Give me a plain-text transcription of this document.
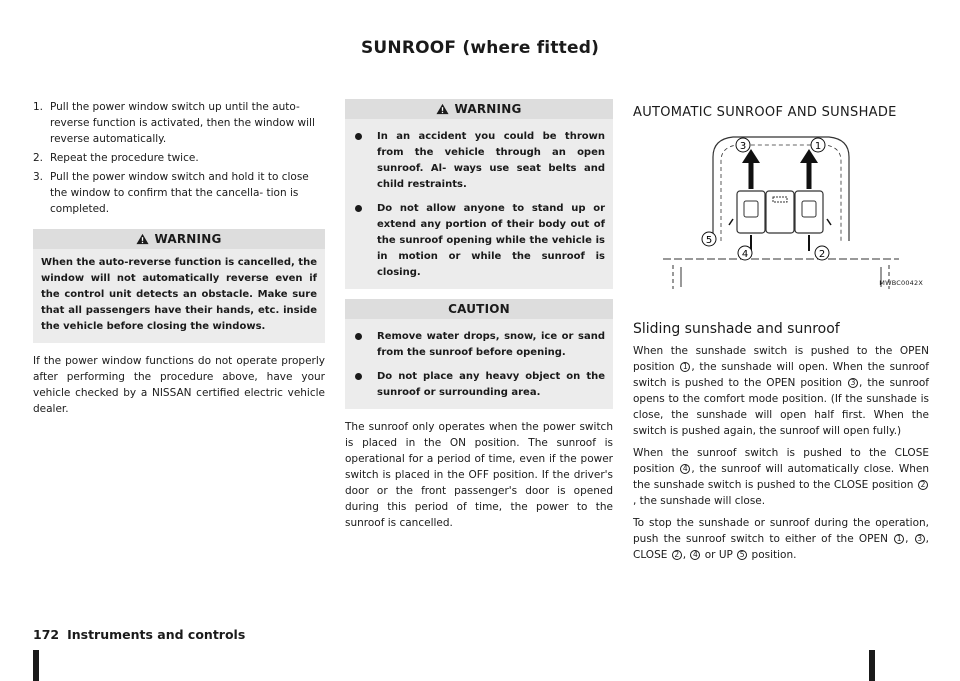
SUNROOF (where fitted)
1. Pull the power window switch up until the auto-reverse function is activated, then the window will reverse automatically.
2. Repeat the procedure twice.
3. Pull the power window switch and hold it to close the window to confirm that the cancella- tion is completed.
WARNING
When the auto-reverse function is cancelled, the window will not automatically reverse even if the control unit detects an obstacle. Make sure that all passengers have their hands, etc. inside the vehicle before closing the windows.

If the power window functions do not operate properly after performing the procedure above, have your vehicle checked by a NISSAN certified electric vehicle dealer.

WARNING
In an accident you could be thrown from the vehicle through an open sunroof. Al- ways use seat belts and child restraints.
Do not allow anyone to stand up or extend any portion of their body out of the sunroof opening while the vehicle is in motion or while the sunroof is closing.
CAUTION
Remove water drops, snow, ice or sand from the sunroof before opening.
Do not place any heavy object on the sunroof or surrounding area.

The sunroof only operates when the power switch is placed in the ON position. The sunroof is operational for a period of time, even if the power switch is placed in the OFF position. If the driver's door or the front passenger's door is opened during this period of time, the power to the sunroof is cancelled.

AUTOMATIC SUNROOF AND SUNSHADE
3	1
5
4	2
MWBC0042X
Sliding sunshade and sunroof

When the sunshade switch is pushed to the OPEN position 1 , the sunshade will open. When the sunroof switch is pushed to the OPEN position 3 , the sunroof opens to the comfort mode position. (If the sunshade is close, the sunshade will open half first. When the switch is pushed again, the sunroof will open fully.)

When the sunroof switch is pushed to the CLOSE position 4 , the sunroof will automatically close. When the sunshade switch is pushed to the CLOSE position 2, the sunshade will close.

To stop the sunshade or sunroof during the operation, push the sunroof switch to either of the OPEN 1 , 3 , CLOSE 2 , 4 or UP 5 position.

172 Instruments and controls
